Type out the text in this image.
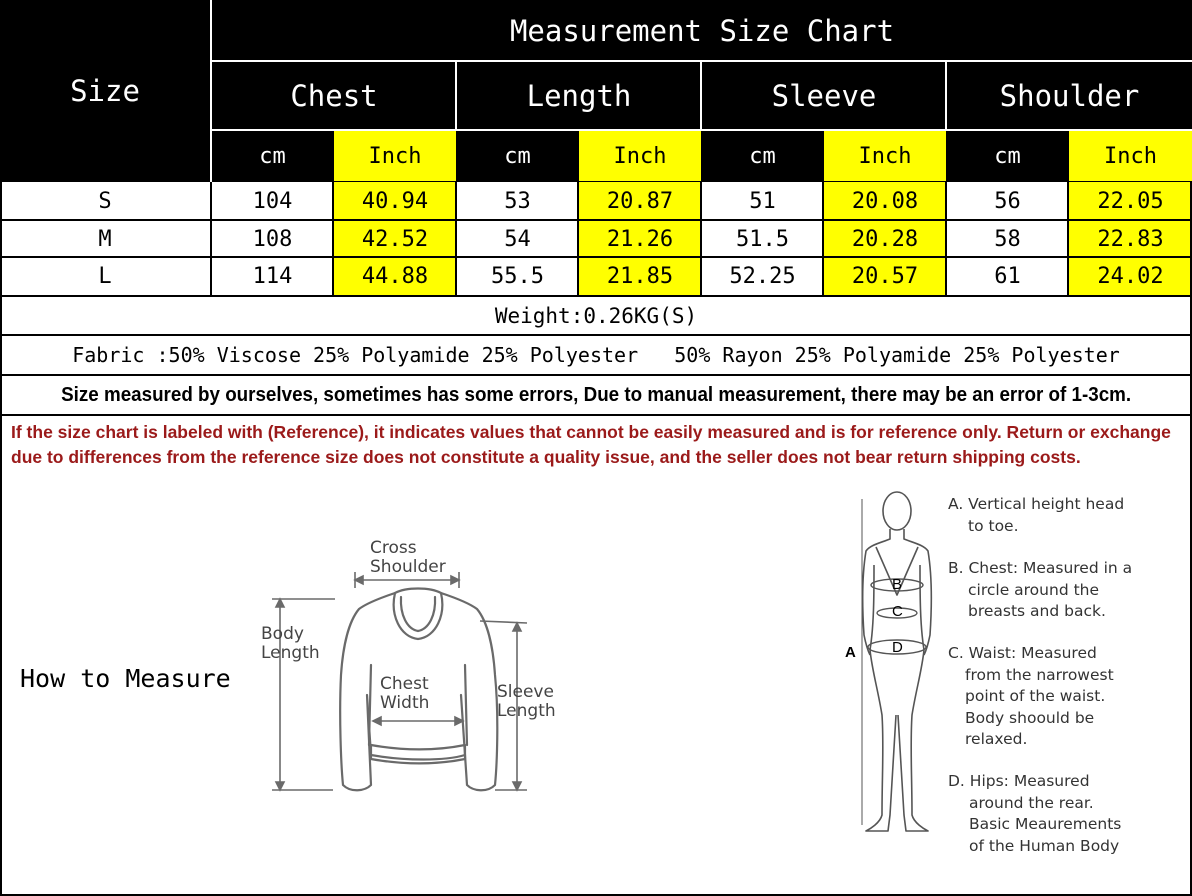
Size
Measurement Size Chart
Chest	Length	Sleeve	Shoulder
cm	Inch	cm	Inch	cm	Inch	cm	Inch
S	104	40.94	53	20.87	51	20.08	56	22.05
M	108	42.52	54	21.26	51.5	20.28	58	22.83
L	114	44.88	55.5	21.85	52.25	20.57	61	24.02
Weight:0.26KG(S)
Fabric :50% Viscose 25% Polyamide 25% Polyester   50% Rayon 25% Polyamide 25% Polyester
Size measured by ourselves, sometimes has some errors, Due to manual measurement, there may be an error of 1-3cm.
If the size chart is labeled with (Reference), it indicates values that cannot be easily measured and is for reference only. Return or exchange due to differences from the reference size does not constitute a quality issue, and the seller does not bear return shipping costs.
How to Measure
Cross
Shoulder
Body
Length
Chest
Width
Sleeve
Length
A
B
C
D
A. Vertical height head
to toe.
B. Chest: Measured in a
circle around the
breasts and back.
C. Waist: Measured
from the narrowest
point of the waist.
Body shoould be
relaxed.
D. Hips: Measured
around the rear.
Basic Meaurements
of the Human Body
